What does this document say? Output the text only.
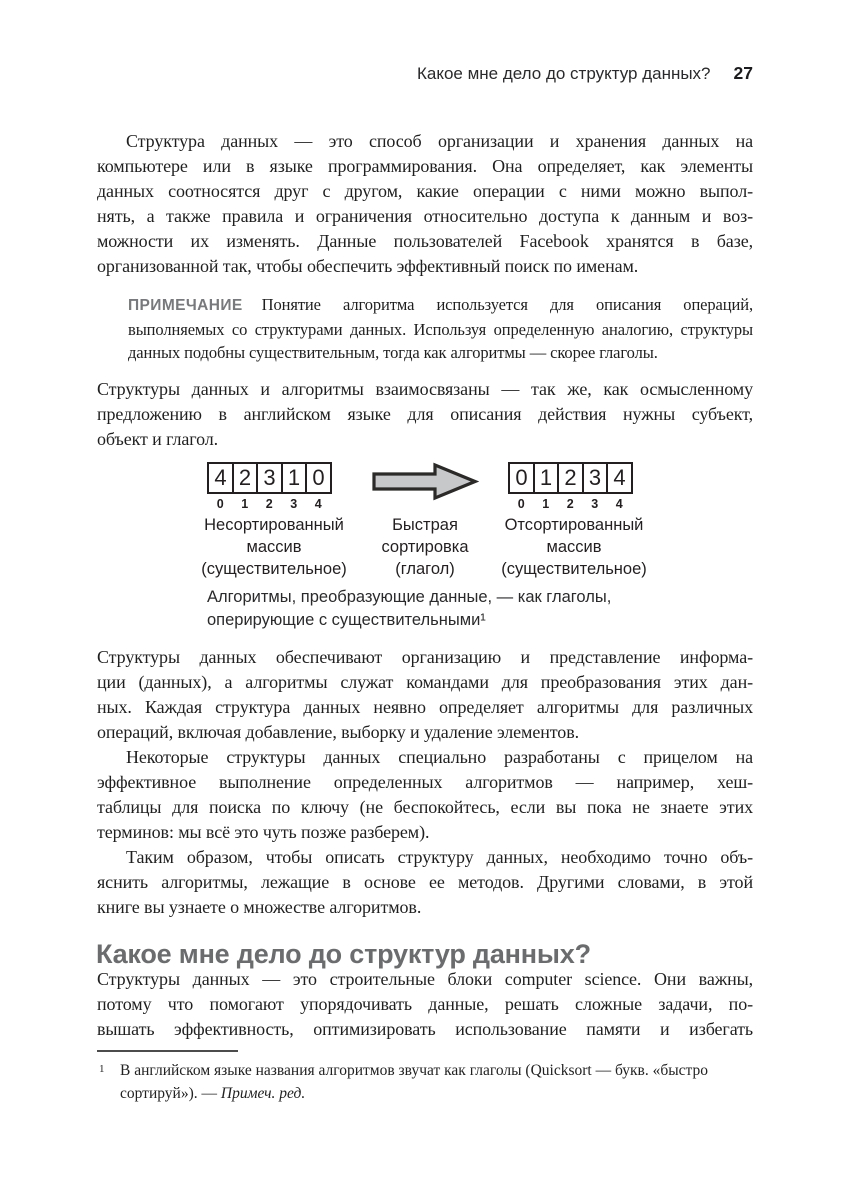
Какое мне дело до структур данных? 27
Структура данных — это способ организации и хранения данных на
компьютере или в языке программирования. Она определяет, как элементы
данных соотносятся друг с другом, какие операции с ними можно выпол-
нять, а также правила и ограничения относительно доступа к данным и воз-
можности их изменять. Данные пользователей Facebook хранятся в базе,
организованной так, чтобы обеспечить эффективный поиск по именам.
ПРИМЕЧАНИЕ Понятие алгоритма используется для описания операций, выполняемых со структурами данных. Используя определенную аналогию, структуры данных подобны существительным, тогда как алгоритмы — скорее глаголы.
Структуры данных и алгоритмы взаимосвязаны — так же, как осмысленному
предложению в английском языке для описания действия нужны субъект,
объект и глагол.
4 2 3 1 0
0	1	2	3	4
0 1 2 3 4
0	1	2	3	4
Несортированный
массив
(существительное)
Быстрая
сортировка
(глагол)
Отсортированный
массив
(существительное)
Алгоритмы, преобразующие данные, — как глаголы,
оперирующие с существительными¹
Структуры данных обеспечивают организацию и представление информа-
ции (данных), а алгоритмы служат командами для преобразования этих дан-
ных. Каждая структура данных неявно определяет алгоритмы для различных
операций, включая добавление, выборку и удаление элементов.
Некоторые структуры данных специально разработаны с прицелом на
эффективное выполнение определенных алгоритмов — например, хеш-
таблицы для поиска по ключу (не беспокойтесь, если вы пока не знаете этих
терминов: мы всё это чуть позже разберем).
Таким образом, чтобы описать структуру данных, необходимо точно объ-
яснить алгоритмы, лежащие в основе ее методов. Другими словами, в этой
книге вы узнаете о множестве алгоритмов.
Какое мне дело до структур данных?
Структуры данных — это строительные блоки computer science. Они важны,
потому что помогают упорядочивать данные, решать сложные задачи, по-
вышать эффективность, оптимизировать использование памяти и избегать
1 В английском языке названия алгоритмов звучат как глаголы (Quicksort — букв. «быстро
сортируй»). — Примеч. ред.
